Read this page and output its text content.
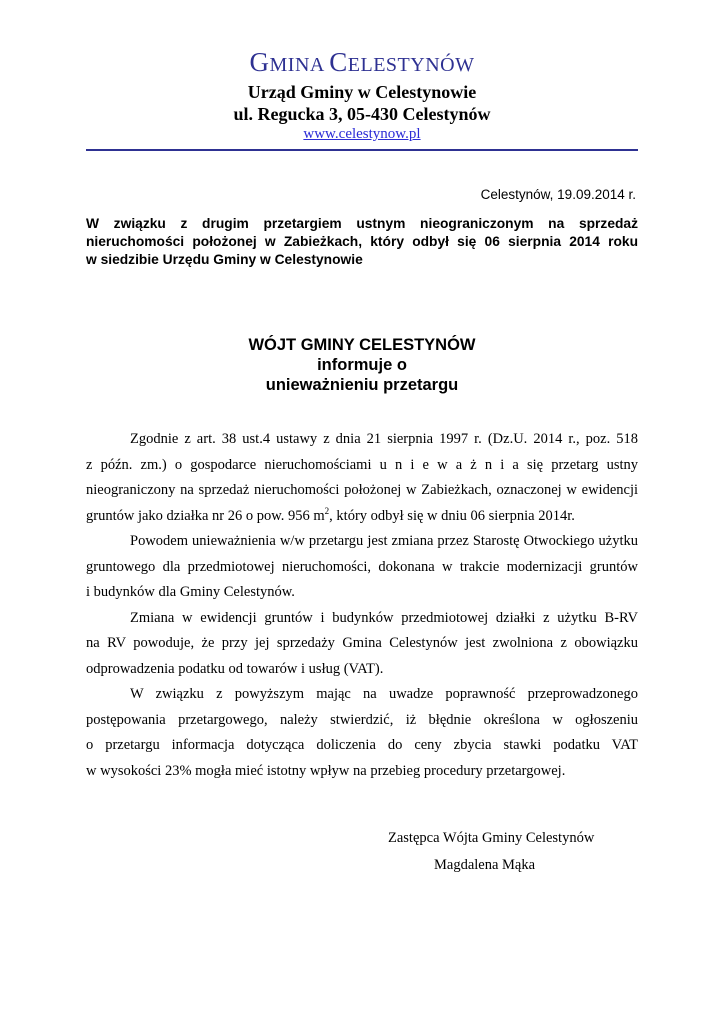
GMINA CELESTYNÓW
Urząd Gminy w Celestynowie
ul. Regucka 3, 05-430 Celestynów
www.celestynow.pl
Celestynów, 19.09.2014 r.
W związku z drugim przetargiem ustnym nieograniczonym na sprzedaż
nieruchomości położonej w Zabieżkach, który odbył się 06 sierpnia 2014 roku
w siedzibie Urzędu Gminy w Celestynowie
WÓJT GMINY CELESTYNÓW
informuje o
unieważnieniu przetargu
Zgodnie z art. 38 ust.4 ustawy z dnia 21 sierpnia 1997 r. (Dz.U. 2014 r., poz. 518
z późn. zm.) o gospodarce nieruchomościami u n i e w a ż n i a się przetarg ustny
nieograniczony na sprzedaż nieruchomości położonej w Zabieżkach, oznaczonej w ewidencji
gruntów jako działka nr 26 o pow. 956 $m^2$, który odbył się w dniu 06 sierpnia 2014r.
Powodem unieważnienia w/w przetargu jest zmiana przez Starostę Otwockiego użytku
gruntowego dla przedmiotowej nieruchomości, dokonana w trakcie modernizacji gruntów
i budynków dla Gminy Celestynów.
Zmiana w ewidencji gruntów i budynków przedmiotowej działki z użytku B-RV
na RV powoduje, że przy jej sprzedaży Gmina Celestynów jest zwolniona z obowiązku
odprowadzenia podatku od towarów i usług (VAT).
W związku z powyższym mając na uwadze poprawność przeprowadzonego
postępowania przetargowego, należy stwierdzić, iż błędnie określona w ogłoszeniu
o przetargu informacja dotycząca doliczenia do ceny zbycia stawki podatku VAT
w wysokości 23% mogła mieć istotny wpływ na przebieg procedury przetargowej.
Zastępca Wójta Gminy Celestynów
Magdalena Mąka
